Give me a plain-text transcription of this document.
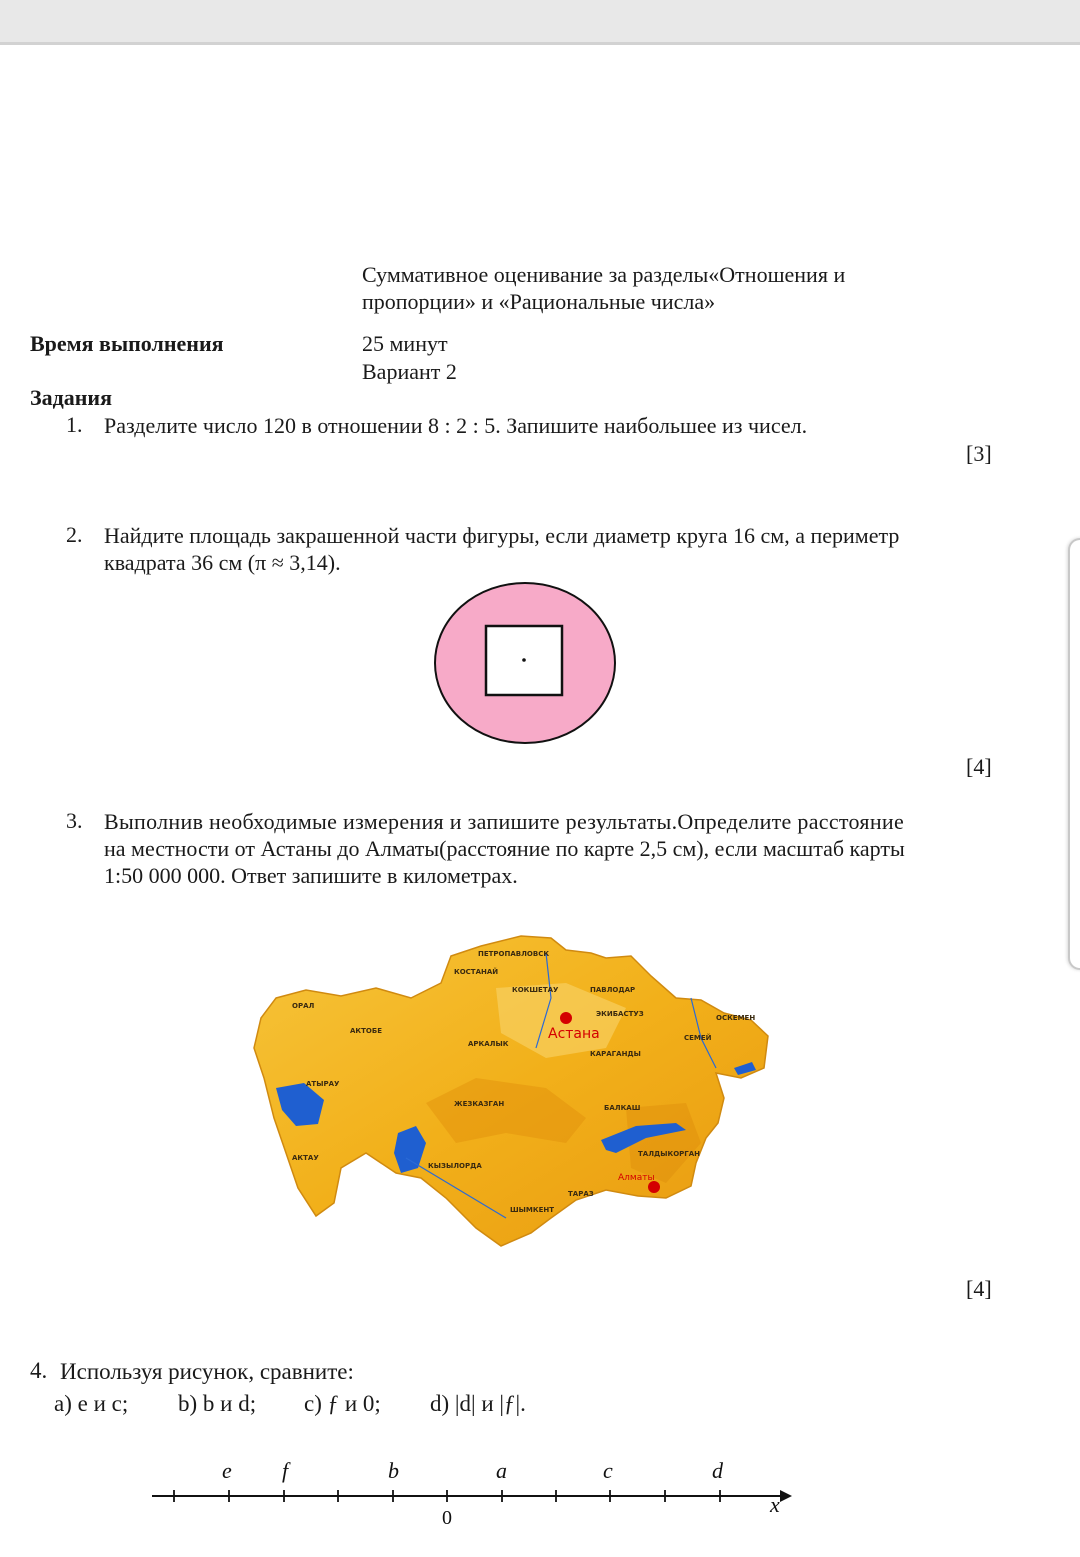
Суммативное оценивание за разделы«Отношения и
пропорции» и «Рациональные числа»
Время выполнения	25 минут
Вариант 2
Задания
1. Разделите число 120 в отношении 8 : 2 : 5. Запишите наибольшее из чисел.
[3]
2. Найдите площадь закрашенной части фигуры, если диаметр круга 16 см, а периметр
квадрата 36 см (π ≈ 3,14).
[4]
3. Выполнив необходимые измерения и запишите результаты.Определите расстояние
на местности от Астаны до Алматы(расстояние по карте 2,5 см), если масштаб карты
1:50 000 000. Ответ запишите в километрах.
ПЕТРОПАВЛОВСК
КОСТАНАЙ
КОКШЕТАУ	ПАВЛОДАР
ОРАЛ
АКТОБЕ
АРКАЛЫК
ЭКИБАСТУЗ
СЕМЕЙ
ОСКЕМЕН
КАРАГАНДЫ
АТЫРАУ
ЖЕЗКАЗГАН	БАЛКАШ
АКТАУ
КЫЗЫЛОРДА
ТАЛДЫКОРГАН
ТАРАЗ
ШЫМКЕНТ
Астана
Алматы
[4]
4. Используя рисунок, сравните:
а) е и с; b) b и d; c) ƒ и 0; d) |d| и |ƒ|.
e f	b	a	c	d
x
0
